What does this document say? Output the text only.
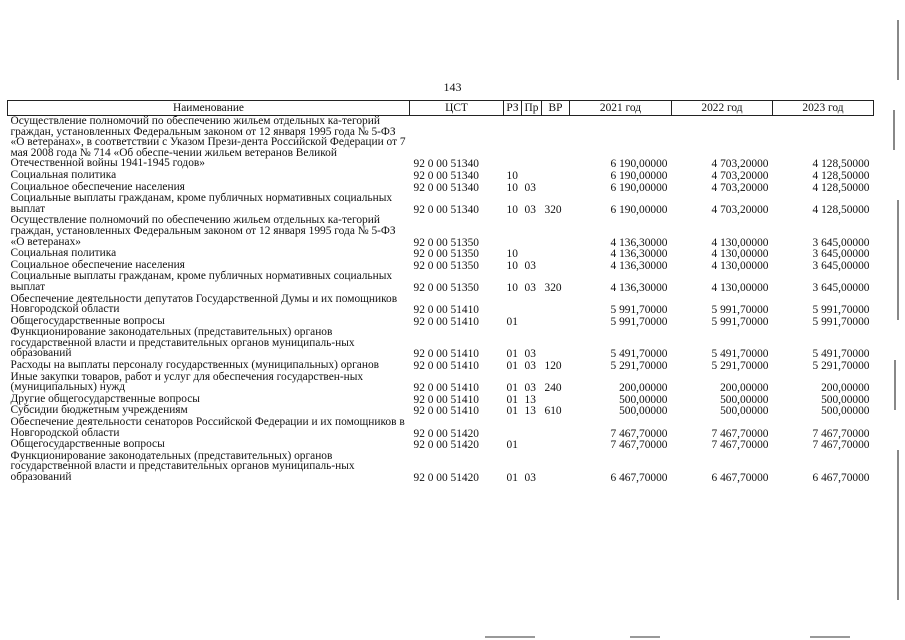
143
Наименование	ЦСТ	РЗ	Пр	ВР	2021 год	2022 год	2023 год
Осуществление полномочий по обеспечению жильем отдельных ка-тегорий граждан, установленных Федеральным законом от 12 января 1995 года № 5-ФЗ «О ветеранах», в соответствии с Указом Прези-дента Российской Федерации от 7 мая 2008 года № 714 «Об обеспе-чении жильем ветеранов Великой Отечественной войны 1941-1945 годов»	92 0 00 51340				6 190,00000	4 703,20000	4 128,50000
Социальная политика	92 0 00 51340	10			6 190,00000	4 703,20000	4 128,50000
Социальное обеспечение населения	92 0 00 51340	10	03		6 190,00000	4 703,20000	4 128,50000
Социальные выплаты гражданам, кроме публичных нормативных социальных выплат	92 0 00 51340	10	03	320	6 190,00000	4 703,20000	4 128,50000
Осуществление полномочий по обеспечению жильем отдельных ка-тегорий граждан, установленных Федеральным законом от 12 января 1995 года № 5-ФЗ «О ветеранах»	92 0 00 51350				4 136,30000	4 130,00000	3 645,00000
Социальная политика	92 0 00 51350	10			4 136,30000	4 130,00000	3 645,00000
Социальное обеспечение населения	92 0 00 51350	10	03		4 136,30000	4 130,00000	3 645,00000
Социальные выплаты гражданам, кроме публичных нормативных социальных выплат	92 0 00 51350	10	03	320	4 136,30000	4 130,00000	3 645,00000
Обеспечение деятельности депутатов Государственной Думы и их помощников Новгородской области	92 0 00 51410				5 991,70000	5 991,70000	5 991,70000
Общегосударственные вопросы	92 0 00 51410	01			5 991,70000	5 991,70000	5 991,70000
Функционирование законодательных (представительных) органов государственной власти и представительных органов муниципаль-ных образований	92 0 00 51410	01	03		5 491,70000	5 491,70000	5 491,70000
Расходы на выплаты персоналу государственных (муниципальных) органов	92 0 00 51410	01	03	120	5 291,70000	5 291,70000	5 291,70000
Иные закупки товаров, работ и услуг для обеспечения государствен-ных (муниципальных) нужд	92 0 00 51410	01	03	240	200,00000	200,00000	200,00000
Другие общегосударственные вопросы	92 0 00 51410	01	13		500,00000	500,00000	500,00000
Субсидии бюджетным учреждениям	92 0 00 51410	01	13	610	500,00000	500,00000	500,00000
Обеспечение деятельности сенаторов Российской Федерации и их помощников в Новгородской области	92 0 00 51420				7 467,70000	7 467,70000	7 467,70000
Общегосударственные вопросы	92 0 00 51420	01			7 467,70000	7 467,70000	7 467,70000
Функционирование законодательных (представительных) органов государственной власти и представительных органов муниципаль-ных образований	92 0 00 51420	01	03		6 467,70000	6 467,70000	6 467,70000
